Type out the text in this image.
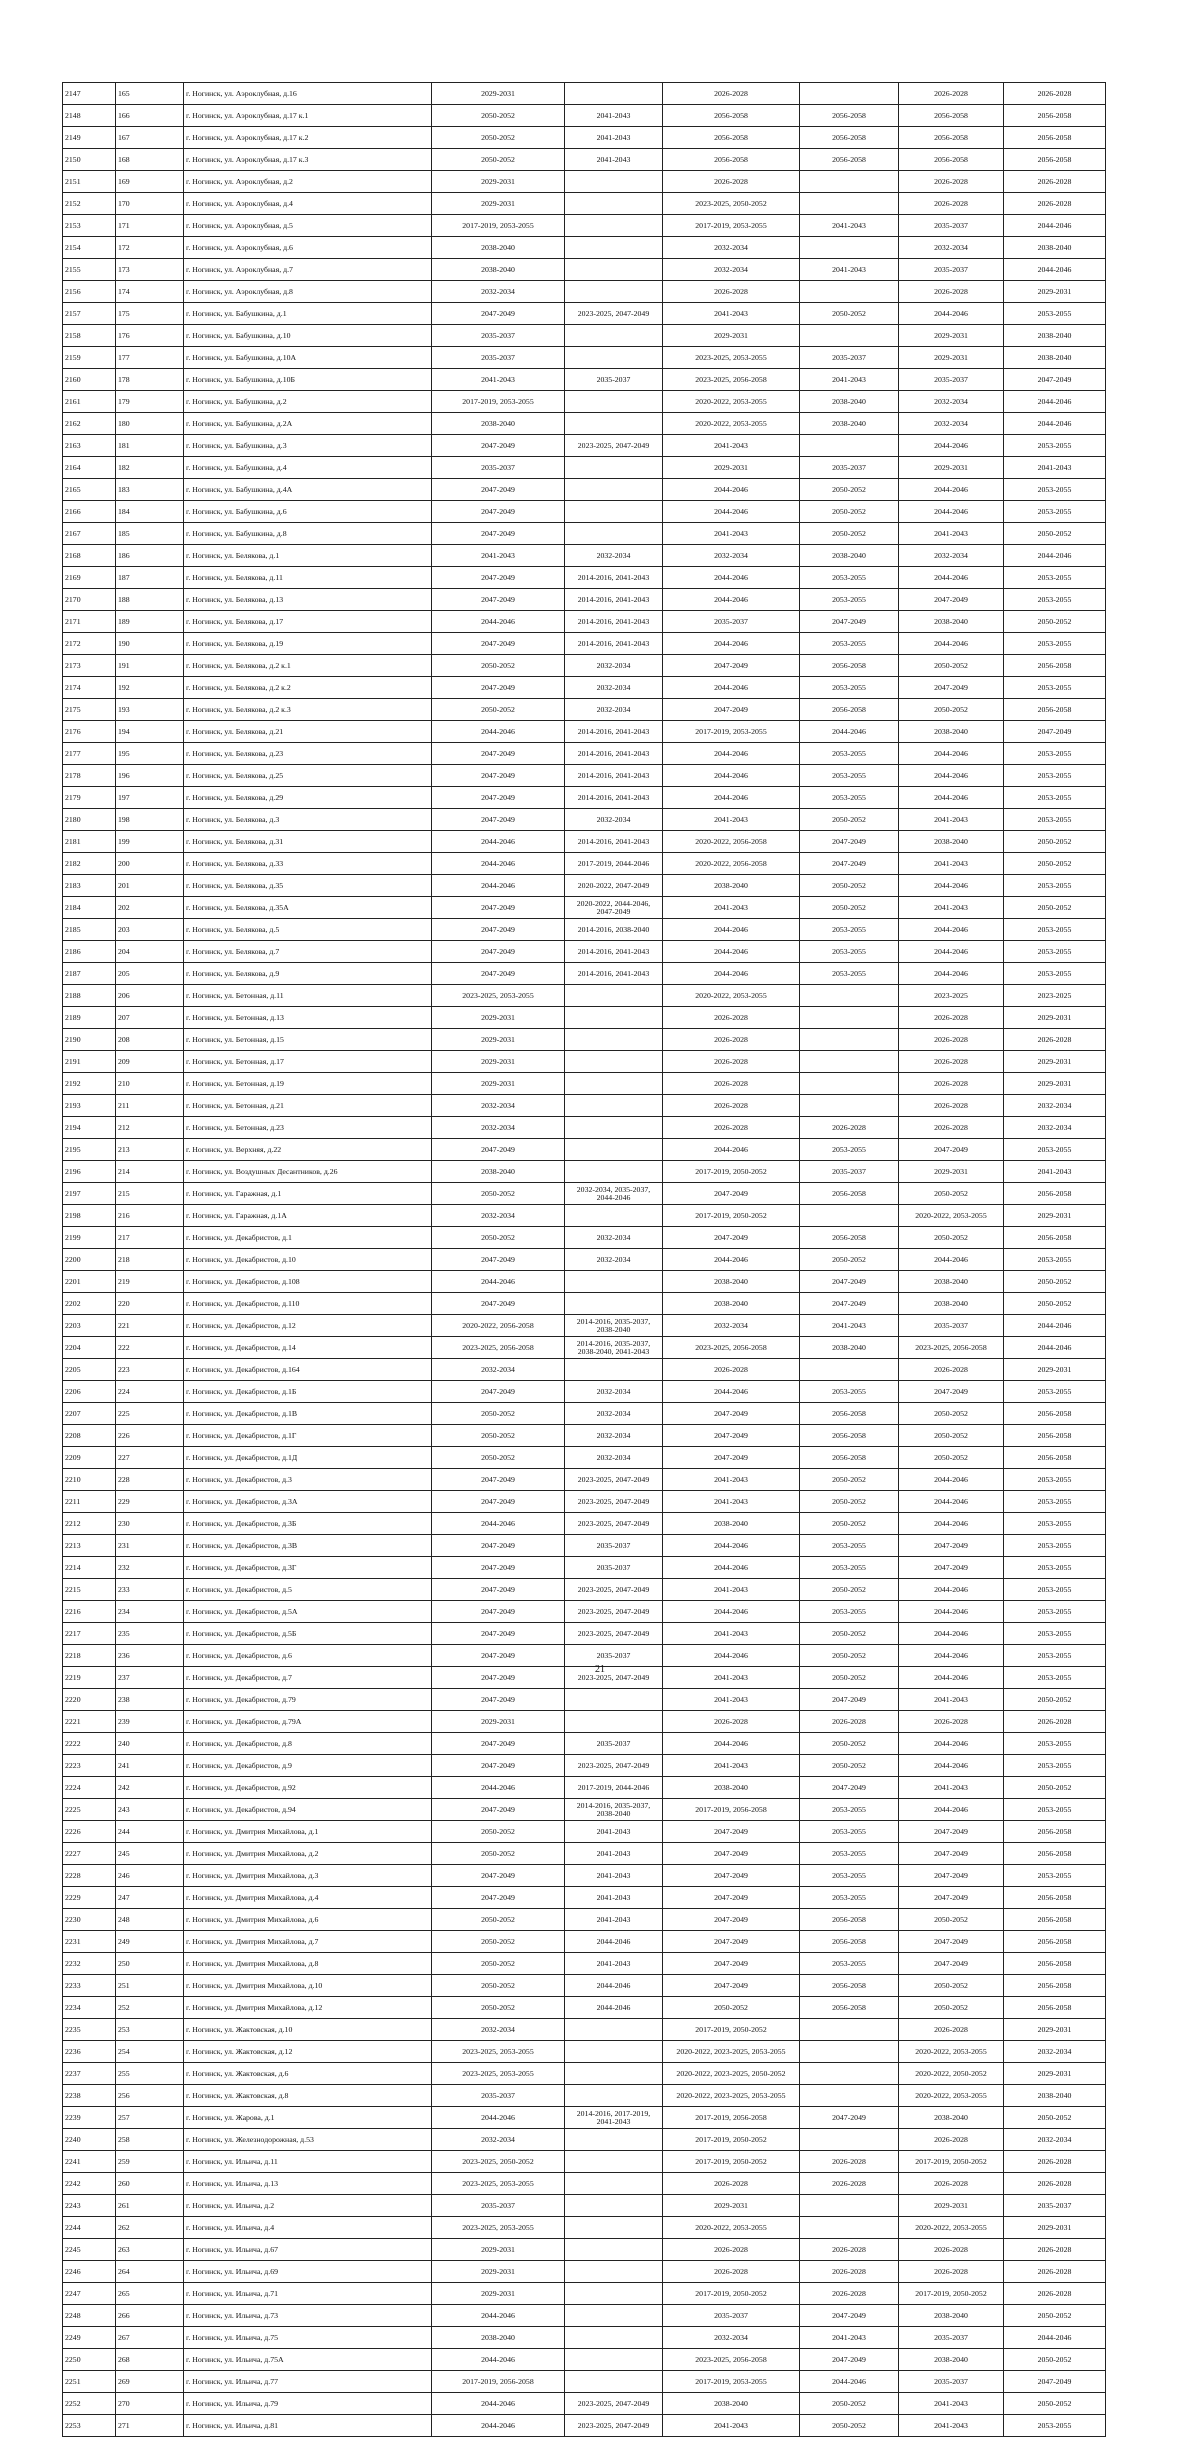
2147	165	г. Ногинск, ул. Аэроклубная, д.16	2029-2031		2026-2028		2026-2028	2026-2028
2148	166	г. Ногинск, ул. Аэроклубная, д.17 к.1	2050-2052	2041-2043	2056-2058	2056-2058	2056-2058	2056-2058
2149	167	г. Ногинск, ул. Аэроклубная, д.17 к.2	2050-2052	2041-2043	2056-2058	2056-2058	2056-2058	2056-2058
2150	168	г. Ногинск, ул. Аэроклубная, д.17 к.3	2050-2052	2041-2043	2056-2058	2056-2058	2056-2058	2056-2058
2151	169	г. Ногинск, ул. Аэроклубная, д.2	2029-2031		2026-2028		2026-2028	2026-2028
2152	170	г. Ногинск, ул. Аэроклубная, д.4	2029-2031		2023-2025, 2050-2052		2026-2028	2026-2028
2153	171	г. Ногинск, ул. Аэроклубная, д.5	2017-2019, 2053-2055		2017-2019, 2053-2055	2041-2043	2035-2037	2044-2046
2154	172	г. Ногинск, ул. Аэроклубная, д.6	2038-2040		2032-2034		2032-2034	2038-2040
2155	173	г. Ногинск, ул. Аэроклубная, д.7	2038-2040		2032-2034	2041-2043	2035-2037	2044-2046
2156	174	г. Ногинск, ул. Аэроклубная, д.8	2032-2034		2026-2028		2026-2028	2029-2031
2157	175	г. Ногинск, ул. Бабушкина, д.1	2047-2049	2023-2025, 2047-2049	2041-2043	2050-2052	2044-2046	2053-2055
2158	176	г. Ногинск, ул. Бабушкина, д.10	2035-2037		2029-2031		2029-2031	2038-2040
2159	177	г. Ногинск, ул. Бабушкина, д.10А	2035-2037		2023-2025, 2053-2055	2035-2037	2029-2031	2038-2040
2160	178	г. Ногинск, ул. Бабушкина, д.10Б	2041-2043	2035-2037	2023-2025, 2056-2058	2041-2043	2035-2037	2047-2049
2161	179	г. Ногинск, ул. Бабушкина, д.2	2017-2019, 2053-2055		2020-2022, 2053-2055	2038-2040	2032-2034	2044-2046
2162	180	г. Ногинск, ул. Бабушкина, д.2А	2038-2040		2020-2022, 2053-2055	2038-2040	2032-2034	2044-2046
2163	181	г. Ногинск, ул. Бабушкина, д.3	2047-2049	2023-2025, 2047-2049	2041-2043		2044-2046	2053-2055
2164	182	г. Ногинск, ул. Бабушкина, д.4	2035-2037		2029-2031	2035-2037	2029-2031	2041-2043
2165	183	г. Ногинск, ул. Бабушкина, д.4А	2047-2049		2044-2046	2050-2052	2044-2046	2053-2055
2166	184	г. Ногинск, ул. Бабушкина, д.6	2047-2049		2044-2046	2050-2052	2044-2046	2053-2055
2167	185	г. Ногинск, ул. Бабушкина, д.8	2047-2049		2041-2043	2050-2052	2041-2043	2050-2052
2168	186	г. Ногинск, ул. Белякова, д.1	2041-2043	2032-2034	2032-2034	2038-2040	2032-2034	2044-2046
2169	187	г. Ногинск, ул. Белякова, д.11	2047-2049	2014-2016, 2041-2043	2044-2046	2053-2055	2044-2046	2053-2055
2170	188	г. Ногинск, ул. Белякова, д.13	2047-2049	2014-2016, 2041-2043	2044-2046	2053-2055	2047-2049	2053-2055
2171	189	г. Ногинск, ул. Белякова, д.17	2044-2046	2014-2016, 2041-2043	2035-2037	2047-2049	2038-2040	2050-2052
2172	190	г. Ногинск, ул. Белякова, д.19	2047-2049	2014-2016, 2041-2043	2044-2046	2053-2055	2044-2046	2053-2055
2173	191	г. Ногинск, ул. Белякова, д.2 к.1	2050-2052	2032-2034	2047-2049	2056-2058	2050-2052	2056-2058
2174	192	г. Ногинск, ул. Белякова, д.2 к.2	2047-2049	2032-2034	2044-2046	2053-2055	2047-2049	2053-2055
2175	193	г. Ногинск, ул. Белякова, д.2 к.3	2050-2052	2032-2034	2047-2049	2056-2058	2050-2052	2056-2058
2176	194	г. Ногинск, ул. Белякова, д.21	2044-2046	2014-2016, 2041-2043	2017-2019, 2053-2055	2044-2046	2038-2040	2047-2049
2177	195	г. Ногинск, ул. Белякова, д.23	2047-2049	2014-2016, 2041-2043	2044-2046	2053-2055	2044-2046	2053-2055
2178	196	г. Ногинск, ул. Белякова, д.25	2047-2049	2014-2016, 2041-2043	2044-2046	2053-2055	2044-2046	2053-2055
2179	197	г. Ногинск, ул. Белякова, д.29	2047-2049	2014-2016, 2041-2043	2044-2046	2053-2055	2044-2046	2053-2055
2180	198	г. Ногинск, ул. Белякова, д.3	2047-2049	2032-2034	2041-2043	2050-2052	2041-2043	2053-2055
2181	199	г. Ногинск, ул. Белякова, д.31	2044-2046	2014-2016, 2041-2043	2020-2022, 2056-2058	2047-2049	2038-2040	2050-2052
2182	200	г. Ногинск, ул. Белякова, д.33	2044-2046	2017-2019, 2044-2046	2020-2022, 2056-2058	2047-2049	2041-2043	2050-2052
2183	201	г. Ногинск, ул. Белякова, д.35	2044-2046	2020-2022, 2047-2049	2038-2040	2050-2052	2044-2046	2053-2055
2184	202	г. Ногинск, ул. Белякова, д.35А	2047-2049	2020-2022, 2044-2046, 2047-2049	2041-2043	2050-2052	2041-2043	2050-2052
2185	203	г. Ногинск, ул. Белякова, д.5	2047-2049	2014-2016, 2038-2040	2044-2046	2053-2055	2044-2046	2053-2055
2186	204	г. Ногинск, ул. Белякова, д.7	2047-2049	2014-2016, 2041-2043	2044-2046	2053-2055	2044-2046	2053-2055
2187	205	г. Ногинск, ул. Белякова, д.9	2047-2049	2014-2016, 2041-2043	2044-2046	2053-2055	2044-2046	2053-2055
2188	206	г. Ногинск, ул. Бетонная, д.11	2023-2025, 2053-2055		2020-2022, 2053-2055		2023-2025	2023-2025
2189	207	г. Ногинск, ул. Бетонная, д.13	2029-2031		2026-2028		2026-2028	2029-2031
2190	208	г. Ногинск, ул. Бетонная, д.15	2029-2031		2026-2028		2026-2028	2026-2028
2191	209	г. Ногинск, ул. Бетонная, д.17	2029-2031		2026-2028		2026-2028	2029-2031
2192	210	г. Ногинск, ул. Бетонная, д.19	2029-2031		2026-2028		2026-2028	2029-2031
2193	211	г. Ногинск, ул. Бетонная, д.21	2032-2034		2026-2028		2026-2028	2032-2034
2194	212	г. Ногинск, ул. Бетонная, д.23	2032-2034		2026-2028	2026-2028	2026-2028	2032-2034
2195	213	г. Ногинск, ул. Верхняя, д.22	2047-2049		2044-2046	2053-2055	2047-2049	2053-2055
2196	214	г. Ногинск, ул. Воздушных Десантников, д.26	2038-2040		2017-2019, 2050-2052	2035-2037	2029-2031	2041-2043
2197	215	г. Ногинск, ул. Гаражная, д.1	2050-2052	2032-2034, 2035-2037, 2044-2046	2047-2049	2056-2058	2050-2052	2056-2058
2198	216	г. Ногинск, ул. Гаражная, д.1А	2032-2034		2017-2019, 2050-2052		2020-2022, 2053-2055	2029-2031
2199	217	г. Ногинск, ул. Декабристов, д.1	2050-2052	2032-2034	2047-2049	2056-2058	2050-2052	2056-2058
2200	218	г. Ногинск, ул. Декабристов, д.10	2047-2049	2032-2034	2044-2046	2050-2052	2044-2046	2053-2055
2201	219	г. Ногинск, ул. Декабристов, д.108	2044-2046		2038-2040	2047-2049	2038-2040	2050-2052
2202	220	г. Ногинск, ул. Декабристов, д.110	2047-2049		2038-2040	2047-2049	2038-2040	2050-2052
2203	221	г. Ногинск, ул. Декабристов, д.12	2020-2022, 2056-2058	2014-2016, 2035-2037, 2038-2040	2032-2034	2041-2043	2035-2037	2044-2046
2204	222	г. Ногинск, ул. Декабристов, д.14	2023-2025, 2056-2058	2014-2016, 2035-2037, 2038-2040, 2041-2043	2023-2025, 2056-2058	2038-2040	2023-2025, 2056-2058	2044-2046
2205	223	г. Ногинск, ул. Декабристов, д.164	2032-2034		2026-2028		2026-2028	2029-2031
2206	224	г. Ногинск, ул. Декабристов, д.1Б	2047-2049	2032-2034	2044-2046	2053-2055	2047-2049	2053-2055
2207	225	г. Ногинск, ул. Декабристов, д.1В	2050-2052	2032-2034	2047-2049	2056-2058	2050-2052	2056-2058
2208	226	г. Ногинск, ул. Декабристов, д.1Г	2050-2052	2032-2034	2047-2049	2056-2058	2050-2052	2056-2058
2209	227	г. Ногинск, ул. Декабристов, д.1Д	2050-2052	2032-2034	2047-2049	2056-2058	2050-2052	2056-2058
2210	228	г. Ногинск, ул. Декабристов, д.3	2047-2049	2023-2025, 2047-2049	2041-2043	2050-2052	2044-2046	2053-2055
2211	229	г. Ногинск, ул. Декабристов, д.3А	2047-2049	2023-2025, 2047-2049	2041-2043	2050-2052	2044-2046	2053-2055
2212	230	г. Ногинск, ул. Декабристов, д.3Б	2044-2046	2023-2025, 2047-2049	2038-2040	2050-2052	2044-2046	2053-2055
2213	231	г. Ногинск, ул. Декабристов, д.3В	2047-2049	2035-2037	2044-2046	2053-2055	2047-2049	2053-2055
2214	232	г. Ногинск, ул. Декабристов, д.3Г	2047-2049	2035-2037	2044-2046	2053-2055	2047-2049	2053-2055
2215	233	г. Ногинск, ул. Декабристов, д.5	2047-2049	2023-2025, 2047-2049	2041-2043	2050-2052	2044-2046	2053-2055
2216	234	г. Ногинск, ул. Декабристов, д.5А	2047-2049	2023-2025, 2047-2049	2044-2046	2053-2055	2044-2046	2053-2055
2217	235	г. Ногинск, ул. Декабристов, д.5Б	2047-2049	2023-2025, 2047-2049	2041-2043	2050-2052	2044-2046	2053-2055
2218	236	г. Ногинск, ул. Декабристов, д.6	2047-2049	2035-2037	2044-2046	2050-2052	2044-2046	2053-2055
2219	237	г. Ногинск, ул. Декабристов, д.7	2047-2049	2023-2025, 2047-2049	2041-2043	2050-2052	2044-2046	2053-2055
2220	238	г. Ногинск, ул. Декабристов, д.79	2047-2049		2041-2043	2047-2049	2041-2043	2050-2052
2221	239	г. Ногинск, ул. Декабристов, д.79А	2029-2031		2026-2028	2026-2028	2026-2028	2026-2028
2222	240	г. Ногинск, ул. Декабристов, д.8	2047-2049	2035-2037	2044-2046	2050-2052	2044-2046	2053-2055
2223	241	г. Ногинск, ул. Декабристов, д.9	2047-2049	2023-2025, 2047-2049	2041-2043	2050-2052	2044-2046	2053-2055
2224	242	г. Ногинск, ул. Декабристов, д.92	2044-2046	2017-2019, 2044-2046	2038-2040	2047-2049	2041-2043	2050-2052
2225	243	г. Ногинск, ул. Декабристов, д.94	2047-2049	2014-2016, 2035-2037, 2038-2040	2017-2019, 2056-2058	2053-2055	2044-2046	2053-2055
2226	244	г. Ногинск, ул. Дмитрия Михайлова, д.1	2050-2052	2041-2043	2047-2049	2053-2055	2047-2049	2056-2058
2227	245	г. Ногинск, ул. Дмитрия Михайлова, д.2	2050-2052	2041-2043	2047-2049	2053-2055	2047-2049	2056-2058
2228	246	г. Ногинск, ул. Дмитрия Михайлова, д.3	2047-2049	2041-2043	2047-2049	2053-2055	2047-2049	2053-2055
2229	247	г. Ногинск, ул. Дмитрия Михайлова, д.4	2047-2049	2041-2043	2047-2049	2053-2055	2047-2049	2056-2058
2230	248	г. Ногинск, ул. Дмитрия Михайлова, д.6	2050-2052	2041-2043	2047-2049	2056-2058	2050-2052	2056-2058
2231	249	г. Ногинск, ул. Дмитрия Михайлова, д.7	2050-2052	2044-2046	2047-2049	2056-2058	2047-2049	2056-2058
2232	250	г. Ногинск, ул. Дмитрия Михайлова, д.8	2050-2052	2041-2043	2047-2049	2053-2055	2047-2049	2056-2058
2233	251	г. Ногинск, ул. Дмитрия Михайлова, д.10	2050-2052	2044-2046	2047-2049	2056-2058	2050-2052	2056-2058
2234	252	г. Ногинск, ул. Дмитрия Михайлова, д.12	2050-2052	2044-2046	2050-2052	2056-2058	2050-2052	2056-2058
2235	253	г. Ногинск, ул. Жактовская, д.10	2032-2034		2017-2019, 2050-2052		2026-2028	2029-2031
2236	254	г. Ногинск, ул. Жактовская, д.12	2023-2025, 2053-2055		2020-2022, 2023-2025, 2053-2055		2020-2022, 2053-2055	2032-2034
2237	255	г. Ногинск, ул. Жактовская, д.6	2023-2025, 2053-2055		2020-2022, 2023-2025, 2050-2052		2020-2022, 2050-2052	2029-2031
2238	256	г. Ногинск, ул. Жактовская, д.8	2035-2037		2020-2022, 2023-2025, 2053-2055		2020-2022, 2053-2055	2038-2040
2239	257	г. Ногинск, ул. Жарова, д.1	2044-2046	2014-2016, 2017-2019, 2041-2043	2017-2019, 2056-2058	2047-2049	2038-2040	2050-2052
2240	258	г. Ногинск, ул. Железнодорожная, д.53	2032-2034		2017-2019, 2050-2052		2026-2028	2032-2034
2241	259	г. Ногинск, ул. Ильича, д.11	2023-2025, 2050-2052		2017-2019, 2050-2052	2026-2028	2017-2019, 2050-2052	2026-2028
2242	260	г. Ногинск, ул. Ильича, д.13	2023-2025, 2053-2055		2026-2028	2026-2028	2026-2028	2026-2028
2243	261	г. Ногинск, ул. Ильича, д.2	2035-2037		2029-2031		2029-2031	2035-2037
2244	262	г. Ногинск, ул. Ильича, д.4	2023-2025, 2053-2055		2020-2022, 2053-2055		2020-2022, 2053-2055	2029-2031
2245	263	г. Ногинск, ул. Ильича, д.67	2029-2031		2026-2028	2026-2028	2026-2028	2026-2028
2246	264	г. Ногинск, ул. Ильича, д.69	2029-2031		2026-2028	2026-2028	2026-2028	2026-2028
2247	265	г. Ногинск, ул. Ильича, д.71	2029-2031		2017-2019, 2050-2052	2026-2028	2017-2019, 2050-2052	2026-2028
2248	266	г. Ногинск, ул. Ильича, д.73	2044-2046		2035-2037	2047-2049	2038-2040	2050-2052
2249	267	г. Ногинск, ул. Ильича, д.75	2038-2040		2032-2034	2041-2043	2035-2037	2044-2046
2250	268	г. Ногинск, ул. Ильича, д.75А	2044-2046		2023-2025, 2056-2058	2047-2049	2038-2040	2050-2052
2251	269	г. Ногинск, ул. Ильича, д.77	2017-2019, 2056-2058		2017-2019, 2053-2055	2044-2046	2035-2037	2047-2049
2252	270	г. Ногинск, ул. Ильича, д.79	2044-2046	2023-2025, 2047-2049	2038-2040	2050-2052	2041-2043	2050-2052
2253	271	г. Ногинск, ул. Ильича, д.81	2044-2046	2023-2025, 2047-2049	2041-2043	2050-2052	2041-2043	2053-2055
21
